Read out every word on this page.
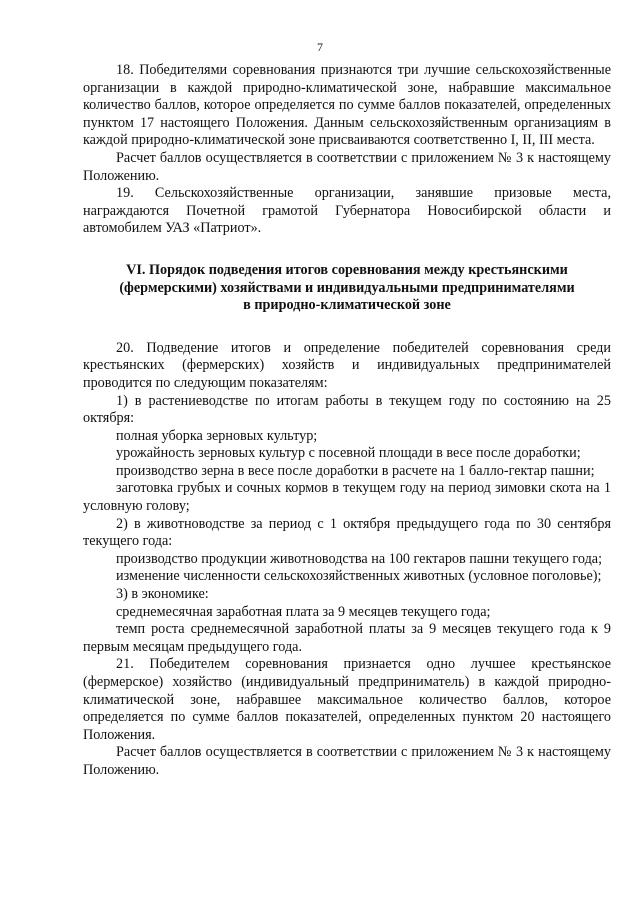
7

18. Победителями соревнования признаются три лучшие сельскохозяйственные организации в каждой природно-климатической зоне, набравшие максимальное количество баллов, которое определяется по сумме баллов показателей, определенных пунктом 17 настоящего Положения. Данным сельскохозяйственным организациям в каждой природно-климатической зоне присваиваются соответственно I, II, III места.

Расчет баллов осуществляется в соответствии с приложением № 3 к настоящему Положению.

19. Сельскохозяйственные организации, занявшие призовые места, награждаются Почетной грамотой Губернатора Новосибирской области и автомобилем УАЗ «Патриот».

VI. Порядок подведения итогов соревнования между крестьянскими
(фермерскими) хозяйствами и индивидуальными предпринимателями
в природно-климатической зоне

20. Подведение итогов и определение победителей соревнования среди крестьянских (фермерских) хозяйств и индивидуальных предпринимателей проводится по следующим показателям:

1) в растениеводстве по итогам работы в текущем году по состоянию на 25 октября:

полная уборка зерновых культур;

урожайность зерновых культур с посевной площади в весе после доработки;

производство зерна в весе после доработки в расчете на 1 балло-гектар пашни;

заготовка грубых и сочных кормов в текущем году на период зимовки скота на 1 условную голову;

2) в животноводстве за период с 1 октября предыдущего года по 30 сентября текущего года:

производство продукции животноводства на 100 гектаров пашни текущего года;

изменение численности сельскохозяйственных животных (условное поголовье);

3) в экономике:

среднемесячная заработная плата за 9 месяцев текущего года;

темп роста среднемесячной заработной платы за 9 месяцев текущего года к 9 первым месяцам предыдущего года.

21. Победителем соревнования признается одно лучшее крестьянское (фермерское) хозяйство (индивидуальный предприниматель) в каждой природно-климатической зоне, набравшее максимальное количество баллов, которое определяется по сумме баллов показателей, определенных пунктом 20 настоящего Положения.

Расчет баллов осуществляется в соответствии с приложением № 3 к настоящему Положению.
